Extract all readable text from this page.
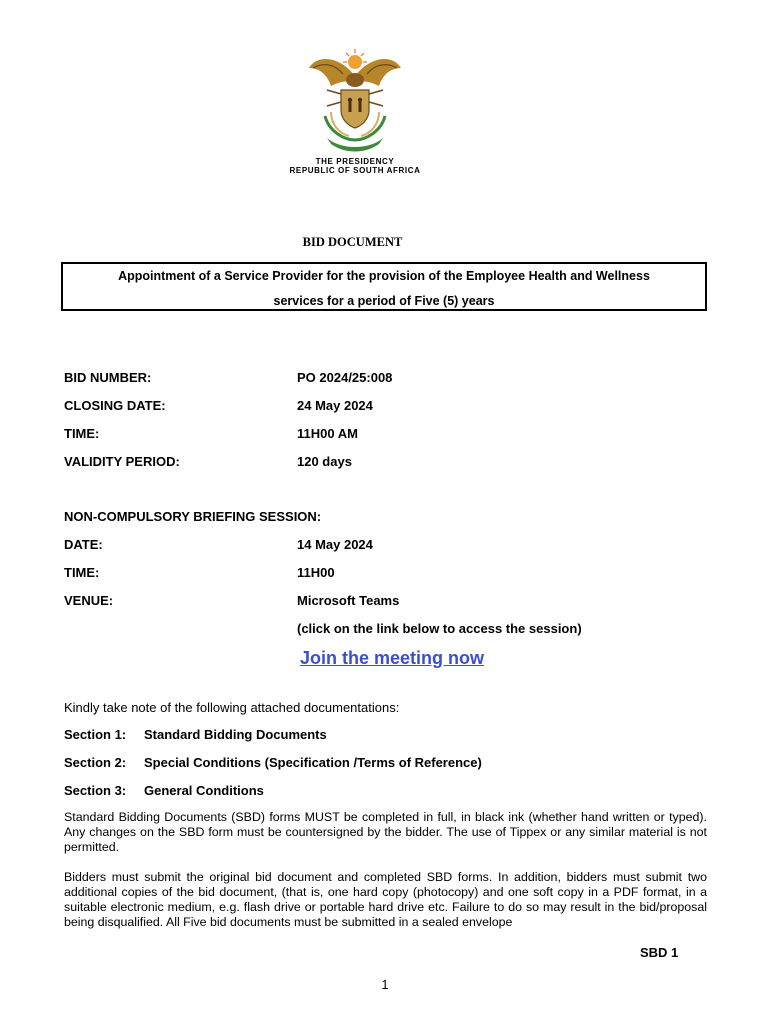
THE PRESIDENCY
REPUBLIC OF SOUTH AFRICA
BID DOCUMENT
Appointment of a Service Provider for the provision of the Employee Health and Wellness
services for a period of Five (5) years
BID NUMBER:	PO 2024/25:008
CLOSING DATE:	24 May 2024
TIME:	11H00 AM
VALIDITY PERIOD:	120 days
NON-COMPULSORY BRIEFING SESSION:
DATE:	14 May 2024
TIME:	11H00
VENUE:	Microsoft Teams
(click on the link below to access the session)
Join the meeting now
Kindly take note of the following attached documentations:
Section 1: Standard Bidding Documents
Section 2: Special Conditions (Specification /Terms of Reference)
Section 3: General Conditions
Standard Bidding Documents (SBD) forms MUST be completed in full, in black ink (whether hand written or typed). Any changes on the SBD form must be countersigned by the bidder. The use of Tippex or any similar material is not permitted.
Bidders must submit the original bid document and completed SBD forms. In addition, bidders must submit two additional copies of the bid document, (that is, one hard copy (photocopy) and one soft copy in a PDF format, in a suitable electronic medium, e.g. flash drive or portable hard drive etc. Failure to do so may result in the bid/proposal being disqualified. All Five bid documents must be submitted in a sealed envelope
SBD 1
1
